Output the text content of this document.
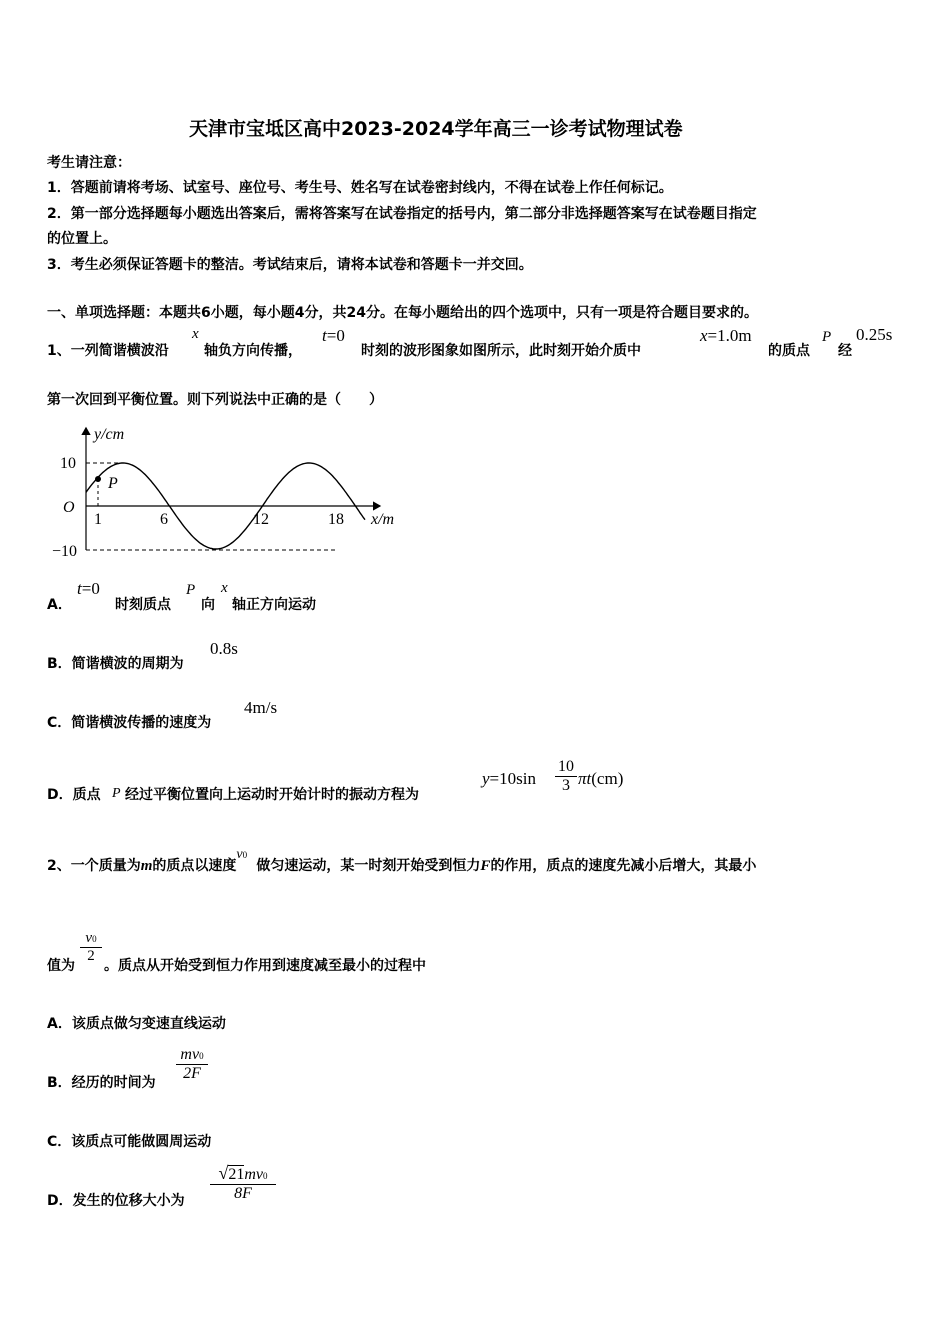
天津市宝坻区高中2023-2024学年高三一诊考试物理试卷
考生请注意：
1．答题前请将考场、试室号、座位号、考生号、姓名写在试卷密封线内，不得在试卷上作任何标记。
2．第一部分选择题每小题选出答案后，需将答案写在试卷指定的括号内，第二部分非选择题答案写在试卷题目指定
的位置上。
3．考生必须保证答题卡的整洁。考试结束后，请将本试卷和答题卡一并交回。
一、单项选择题：本题共6小题，每小题4分，共24分。在每小题给出的四个选项中，只有一项是符合题目要求的。
1、一列简谐横波沿
x
轴负方向传播，
t=0
时刻的波形图象如图所示，此时刻开始介质中
x=1.0m
的质点
P
经
0.25s
第一次回到平衡位置。则下列说法中正确的是（　　）
y/cm
x/m
O
10
−10
1	6	12	18
P
A．
t=0
时刻质点
P
向
x
轴正方向运动
B．简谐横波的周期为
0.8s
C．简谐横波传播的速度为
4m/s
D．质点 P 经过平衡位置向上运动时开始计时的振动方程为
y=10sin
10
3 πt(cm)
2、一个质量为m的质点以速度v0做匀速运动，某一时刻开始受到恒力F的作用，质点的速度先减小后增大，其最小
值为
v0
2
。质点从开始受到恒力作用到速度减至最小的过程中
A．该质点做匀变速直线运动
B．经历的时间为
mv0
2F
C．该质点可能做圆周运动
D．发生的位移大小为
√21mv0
8F
